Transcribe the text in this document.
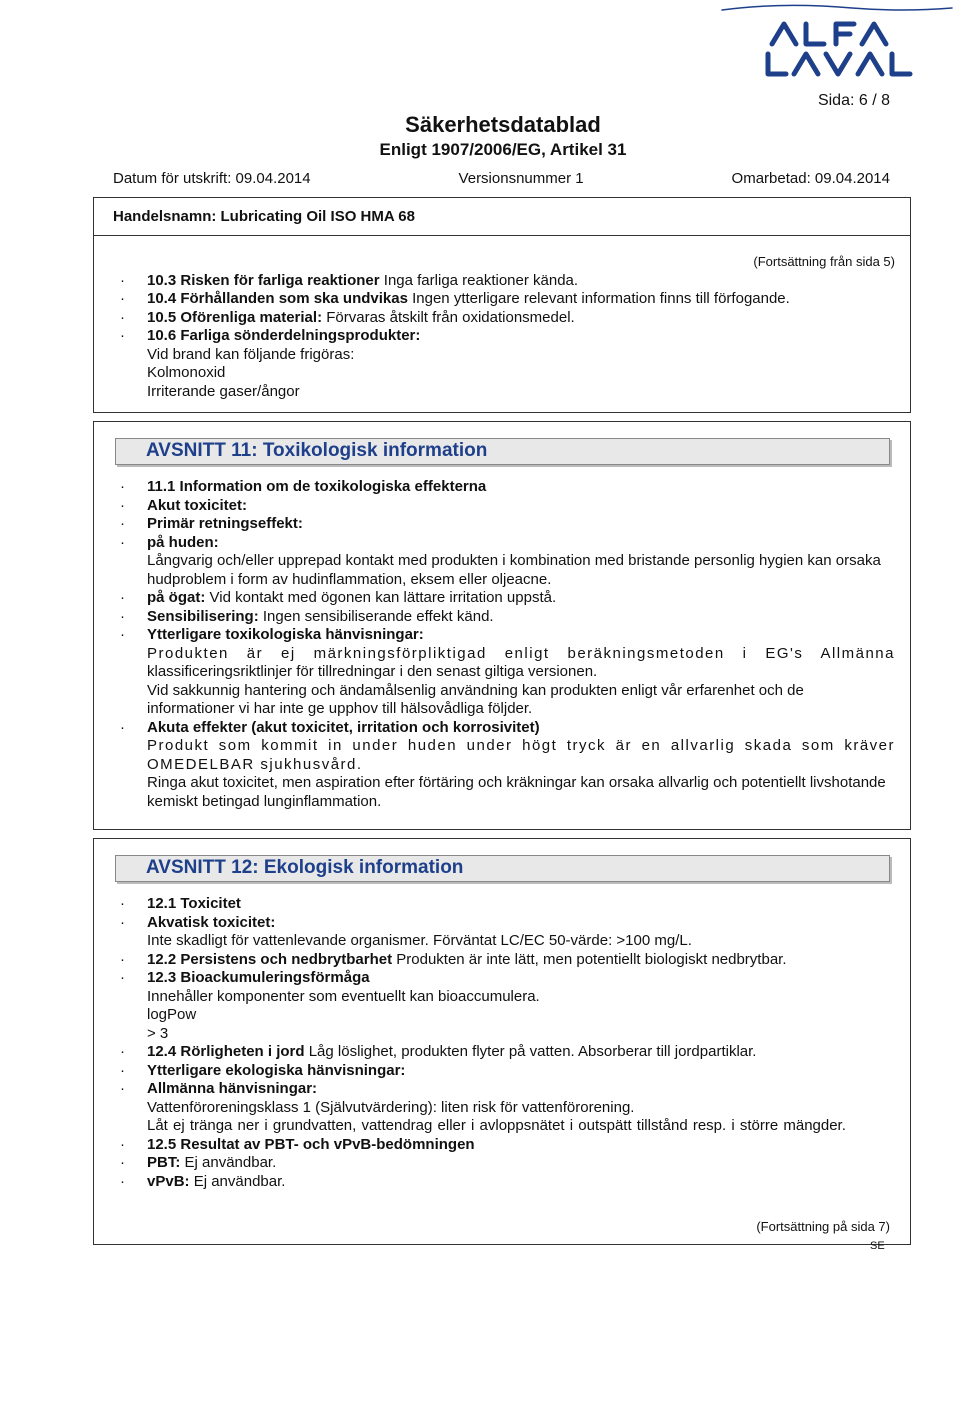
Sida: 6 / 8
Säkerhetsdatablad
Enligt 1907/2006/EG, Artikel 31
Datum för utskrift: 09.04.2014	Versionsnummer 1	Omarbetad: 09.04.2014
Handelsnamn: Lubricating Oil ISO HMA 68

(Fortsättning från sida 5)

· 10.3 Risken för farliga reaktioner Inga farliga reaktioner kända.

· 10.4 Förhållanden som ska undvikas Ingen ytterligare relevant information finns till förfogande.

· 10.5 Oförenliga material: Förvaras åtskilt från oxidationsmedel.

· 10.6 Farliga sönderdelningsprodukter:

Vid brand kan följande frigöras:

Kolmonoxid

Irriterande gaser/ångor

AVSNITT 11: Toxikologisk information

· 11.1 Information om de toxikologiska effekterna

· Akut toxicitet:

· Primär retningseffekt:

· på huden:

Långvarig och/eller upprepad kontakt med produkten i kombination med bristande personlig hygien kan orsaka hudproblem i form av hudinflammation, eksem eller oljeacne.

· på ögat: Vid kontakt med ögonen kan lättare irritation uppstå.

· Sensibilisering: Ingen sensibiliserande effekt känd.

· Ytterligare toxikologiska hänvisningar:

Produkten är ej märkningsförpliktigad enligt beräkningsmetoden i EG's Allmänna

klassificeringsriktlinjer för tillredningar i den senast giltiga versionen.

Vid sakkunnig hantering och ändamålsenlig användning kan produkten enligt vår erfarenhet och de informationer vi har inte ge upphov till hälsovådliga följder.

· Akuta effekter (akut toxicitet, irritation och korrosivitet)

Produkt som kommit in under huden under högt tryck är en allvarlig skada som kräver OMEDELBAR sjukhusvård.

Ringa akut toxicitet, men aspiration efter förtäring och kräkningar kan orsaka allvarlig och potentiellt livshotande kemiskt betingad lunginflammation.

AVSNITT 12: Ekologisk information

· 12.1 Toxicitet

· Akvatisk toxicitet:

Inte skadligt för vattenlevande organismer. Förväntat LC/EC 50-värde: >100 mg/L.

· 12.2 Persistens och nedbrytbarhet Produkten är inte lätt, men potentiellt biologiskt nedbrytbar.

· 12.3 Bioackumuleringsförmåga

Innehåller komponenter som eventuellt kan bioaccumulera.

logPow

> 3

· 12.4 Rörligheten i jord Låg löslighet, produkten flyter på vatten. Absorberar till jordpartiklar.

· Ytterligare ekologiska hänvisningar:

· Allmänna hänvisningar:

Vattenföroreningsklass 1 (Självutvärdering): liten risk för vattenförorening.

Låt ej tränga ner i grundvatten, vattendrag eller i avloppsnätet i outspätt tillstånd resp. i större mängder.

· 12.5 Resultat av PBT- och vPvB-bedömningen

· PBT: Ej användbar.

· vPvB: Ej användbar.

(Fortsättning på sida 7)
SE
